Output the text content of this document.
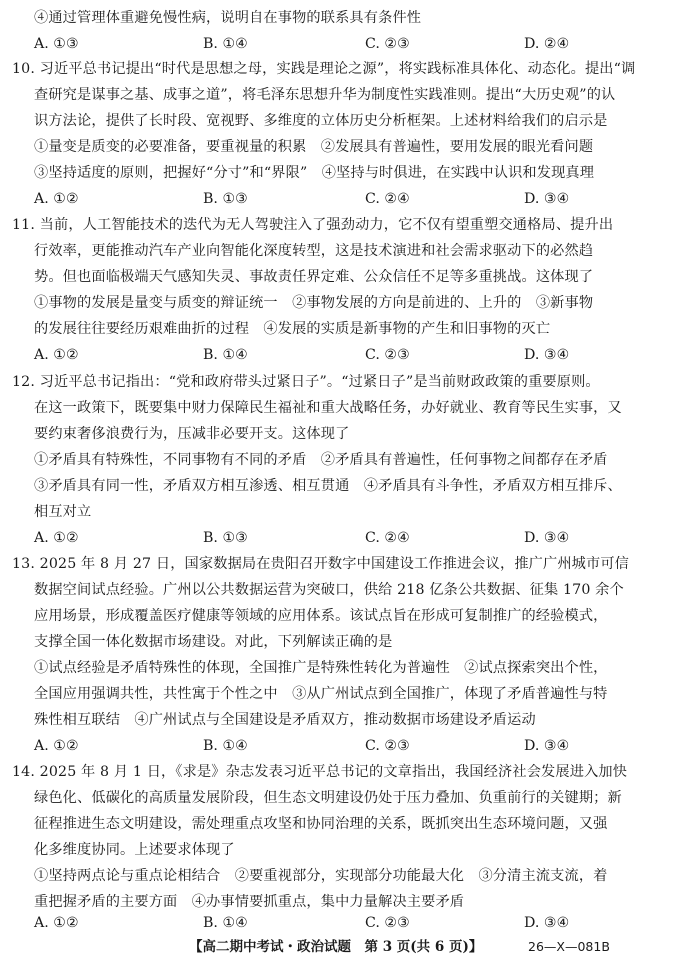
④通过管理体重避免慢性病，说明自在事物的联系具有条件性
A. ①③	B. ①④	C. ②③	D. ②④
10. 习近平总书记提出“时代是思想之母，实践是理论之源”，将实践标准具体化、动态化。提出“调
查研究是谋事之基、成事之道”，将毛泽东思想升华为制度性实践准则。提出“大历史观”的认
识方法论，提供了长时段、宽视野、多维度的立体历史分析框架。上述材料给我们的启示是
①量变是质变的必要准备，要重视量的积累　②发展具有普遍性，要用发展的眼光看问题
③坚持适度的原则，把握好“分寸”和“界限”　④坚持与时俱进，在实践中认识和发现真理
A. ①②	B. ①③	C. ②④	D. ③④
11. 当前，人工智能技术的迭代为无人驾驶注入了强劲动力，它不仅有望重塑交通格局、提升出
行效率，更能推动汽车产业向智能化深度转型，这是技术演进和社会需求驱动下的必然趋
势。但也面临极端天气感知失灵、事故责任界定难、公众信任不足等多重挑战。这体现了
①事物的发展是量变与质变的辩证统一　②事物发展的方向是前进的、上升的　③新事物
的发展往往要经历艰难曲折的过程　④发展的实质是新事物的产生和旧事物的灭亡
A. ①②	B. ①④	C. ②③	D. ③④
12. 习近平总书记指出：“党和政府带头过紧日子”。“过紧日子”是当前财政政策的重要原则。
在这一政策下，既要集中财力保障民生福祉和重大战略任务，办好就业、教育等民生实事，又
要约束奢侈浪费行为，压减非必要开支。这体现了
①矛盾具有特殊性，不同事物有不同的矛盾　②矛盾具有普遍性，任何事物之间都存在矛盾
③矛盾具有同一性，矛盾双方相互渗透、相互贯通　④矛盾具有斗争性，矛盾双方相互排斥、
相互对立
A. ①②	B. ①③	C. ②④	D. ③④
13. 2025 年 8 月 27 日，国家数据局在贵阳召开数字中国建设工作推进会议，推广广州城市可信
数据空间试点经验。广州以公共数据运营为突破口，供给 218 亿条公共数据、征集 170 余个
应用场景，形成覆盖医疗健康等领域的应用体系。该试点旨在形成可复制推广的经验模式，
支撑全国一体化数据市场建设。对此，下列解读正确的是
①试点经验是矛盾特殊性的体现，全国推广是特殊性转化为普遍性　②试点探索突出个性，
全国应用强调共性，共性寓于个性之中　③从广州试点到全国推广，体现了矛盾普遍性与特
殊性相互联结　④广州试点与全国建设是矛盾双方，推动数据市场建设矛盾运动
A. ①②	B. ①④	C. ②③	D. ③④
14. 2025 年 8 月 1 日，《求是》杂志发表习近平总书记的文章指出，我国经济社会发展进入加快
绿色化、低碳化的高质量发展阶段，但生态文明建设仍处于压力叠加、负重前行的关键期；新
征程推进生态文明建设，需处理重点攻坚和协同治理的关系，既抓突出生态环境问题，又强
化多维度协同。上述要求体现了
①坚持两点论与重点论相结合　②要重视部分，实现部分功能最大化　③分清主流支流，着
重把握矛盾的主要方面　④办事情要抓重点，集中力量解决主要矛盾
A. ①②	B. ①④	C. ②③	D. ③④
【高二期中考试・政治试题　第 3 页(共 6 页)】	26—X—081B
